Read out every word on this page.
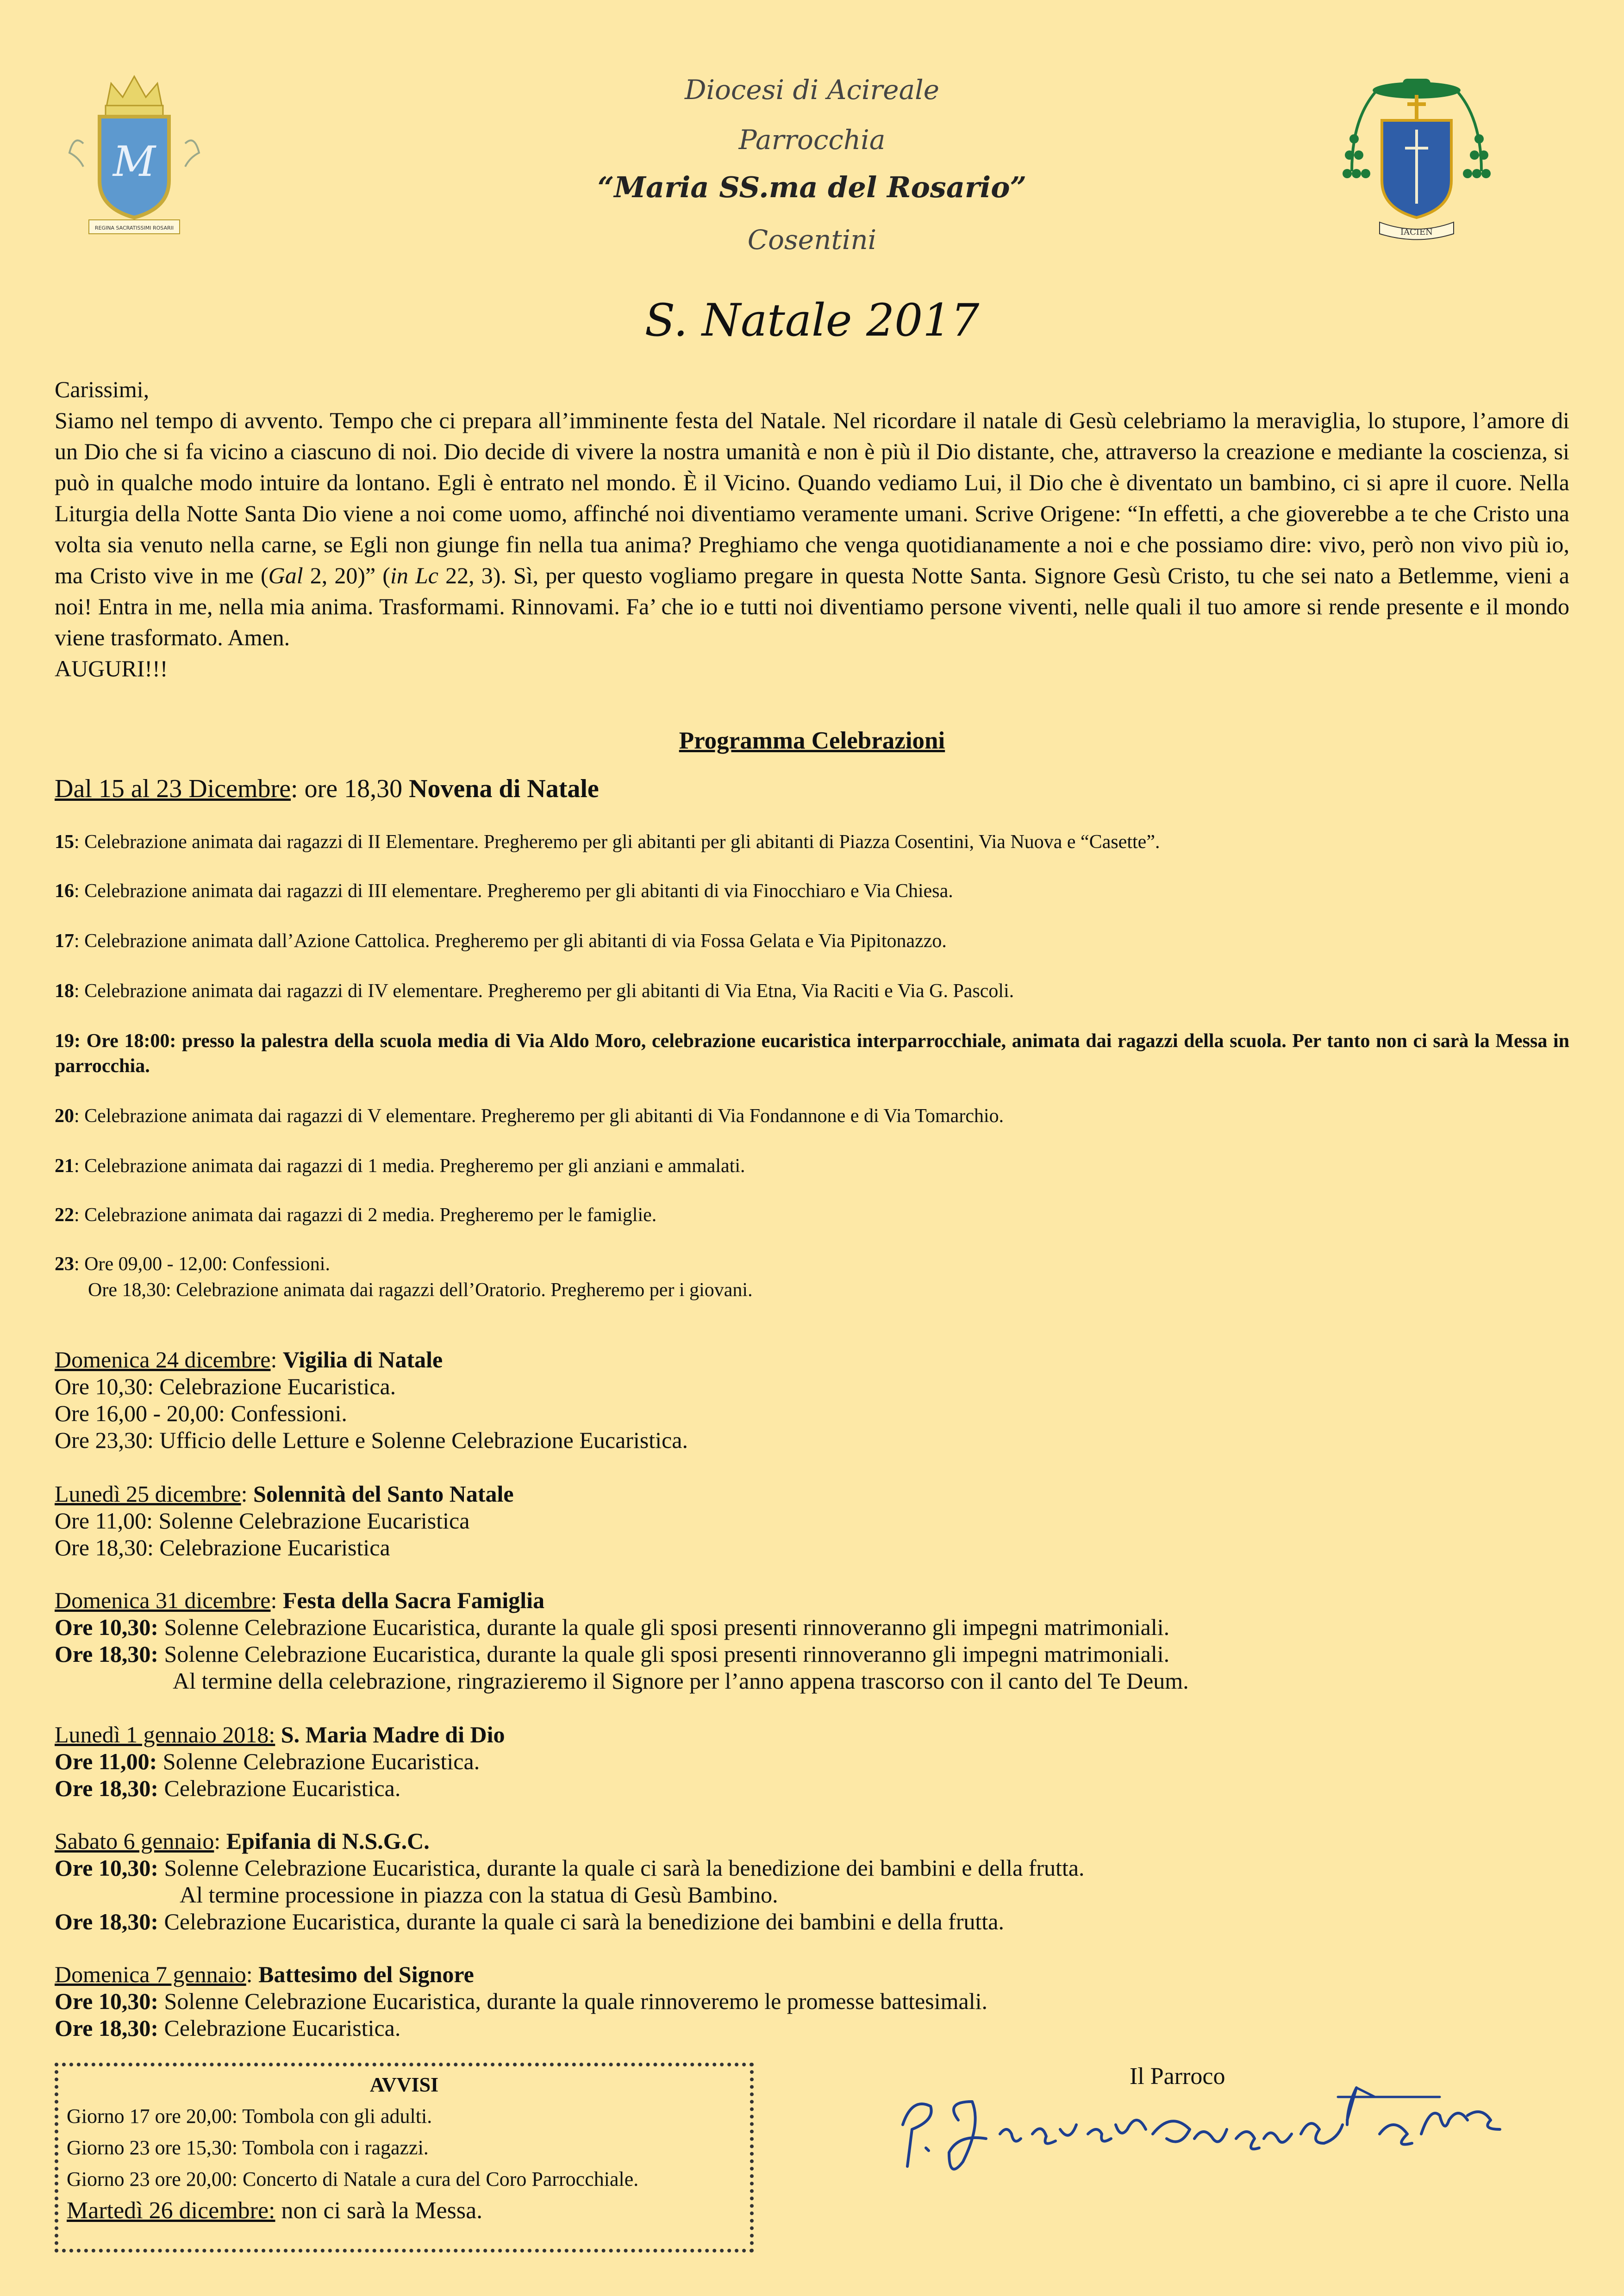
M
REGINA SACRATISSIMI ROSARII	IACIEN
Diocesi di Acireale
Parrocchia
“Maria SS.ma del Rosario”
Cosentini
S. Natale 2017

Carissimi,

Siamo nel tempo di avvento. Tempo che ci prepara all’imminente festa del Natale. Nel ricordare il natale di Gesù celebriamo la meraviglia, lo stupore, l’amore di un Dio che si fa vicino a ciascuno di noi. Dio decide di vivere la nostra umanità e non è più il Dio distante, che, attraverso la creazione e mediante la coscienza, si può in qualche modo intuire da lontano. Egli è entrato nel mondo. È il Vicino. Quando vediamo Lui, il Dio che è diventato un bambino, ci si apre il cuore. Nella Liturgia della Notte Santa Dio viene a noi come uomo, affinché noi diventiamo veramente umani. Scrive Origene: “In effetti, a che gioverebbe a te che Cristo una volta sia venuto nella carne, se Egli non giunge fin nella tua anima? Preghiamo che venga quotidianamente a noi e che possiamo dire: vivo, però non vivo più io, ma Cristo vive in me (Gal 2, 20)” (in Lc 22, 3). Sì, per questo vogliamo pregare in questa Notte Santa. Signore Gesù Cristo, tu che sei nato a Betlemme, vieni a noi! Entra in me, nella mia anima. Trasformami. Rinnovami. Fa’ che io e tutti noi diventiamo persone viventi, nelle quali il tuo amore si rende presente e il mondo viene trasformato. Amen.

AUGURI!!!

Programma Celebrazioni
Dal 15 al 23 Dicembre: ore 18,30 Novena di Natale
15: Celebrazione animata dai ragazzi di II Elementare. Pregheremo per gli abitanti per gli abitanti di Piazza Cosentini, Via Nuova e “Casette”.
16: Celebrazione animata dai ragazzi di III elementare. Pregheremo per gli abitanti di via Finocchiaro e Via Chiesa.
17: Celebrazione animata dall’Azione Cattolica. Pregheremo per gli abitanti di via Fossa Gelata e Via Pipitonazzo.
18: Celebrazione animata dai ragazzi di IV elementare. Pregheremo per gli abitanti di Via Etna, Via Raciti e Via G. Pascoli.
19: Ore 18:00: presso la palestra della scuola media di Via Aldo Moro, celebrazione eucaristica interparrocchiale, animata dai ragazzi della scuola. Per tanto non ci sarà la Messa in parrocchia.
20: Celebrazione animata dai ragazzi di V elementare. Pregheremo per gli abitanti di Via Fondannone e di Via Tomarchio.
21: Celebrazione animata dai ragazzi di 1 media. Pregheremo per gli anziani e ammalati.
22: Celebrazione animata dai ragazzi di 2 media. Pregheremo per le famiglie.
23: Ore 09,00 - 12,00: Confessioni.
Ore 18,30: Celebrazione animata dai ragazzi dell’Oratorio. Pregheremo per i giovani.
Domenica 24 dicembre: Vigilia di Natale
Ore 10,30: Celebrazione Eucaristica.
Ore 16,00 - 20,00: Confessioni.
Ore 23,30: Ufficio delle Letture e Solenne Celebrazione Eucaristica.
Lunedì 25 dicembre: Solennità del Santo Natale
Ore 11,00: Solenne Celebrazione Eucaristica
Ore 18,30: Celebrazione Eucaristica
Domenica 31 dicembre: Festa della Sacra Famiglia
Ore 10,30: Solenne Celebrazione Eucaristica, durante la quale gli sposi presenti rinnoveranno gli impegni matrimoniali.
Ore 18,30: Solenne Celebrazione Eucaristica, durante la quale gli sposi presenti rinnoveranno gli impegni matrimoniali.
Al termine della celebrazione, ringrazieremo il Signore per l’anno appena trascorso con il canto del Te Deum.
Lunedì 1 gennaio 2018: S. Maria Madre di Dio
Ore 11,00: Solenne Celebrazione Eucaristica.
Ore 18,30: Celebrazione Eucaristica.
Sabato 6 gennaio: Epifania di N.S.G.C.
Ore 10,30: Solenne Celebrazione Eucaristica, durante la quale ci sarà la benedizione dei bambini e della frutta.
Al termine processione in piazza con la statua di Gesù Bambino.
Ore 18,30: Celebrazione Eucaristica, durante la quale ci sarà la benedizione dei bambini e della frutta.
Domenica 7 gennaio: Battesimo del Signore
Ore 10,30: Solenne Celebrazione Eucaristica, durante la quale rinnoveremo le promesse battesimali.
Ore 18,30: Celebrazione Eucaristica.
AVVISI
Giorno 17 ore 20,00: Tombola con gli adulti.
Giorno 23 ore 15,30: Tombola con i ragazzi.
Giorno 23 ore 20,00: Concerto di Natale a cura del Coro Parrocchiale.
Martedì 26 dicembre: non ci sarà la Messa.
Il Parroco
